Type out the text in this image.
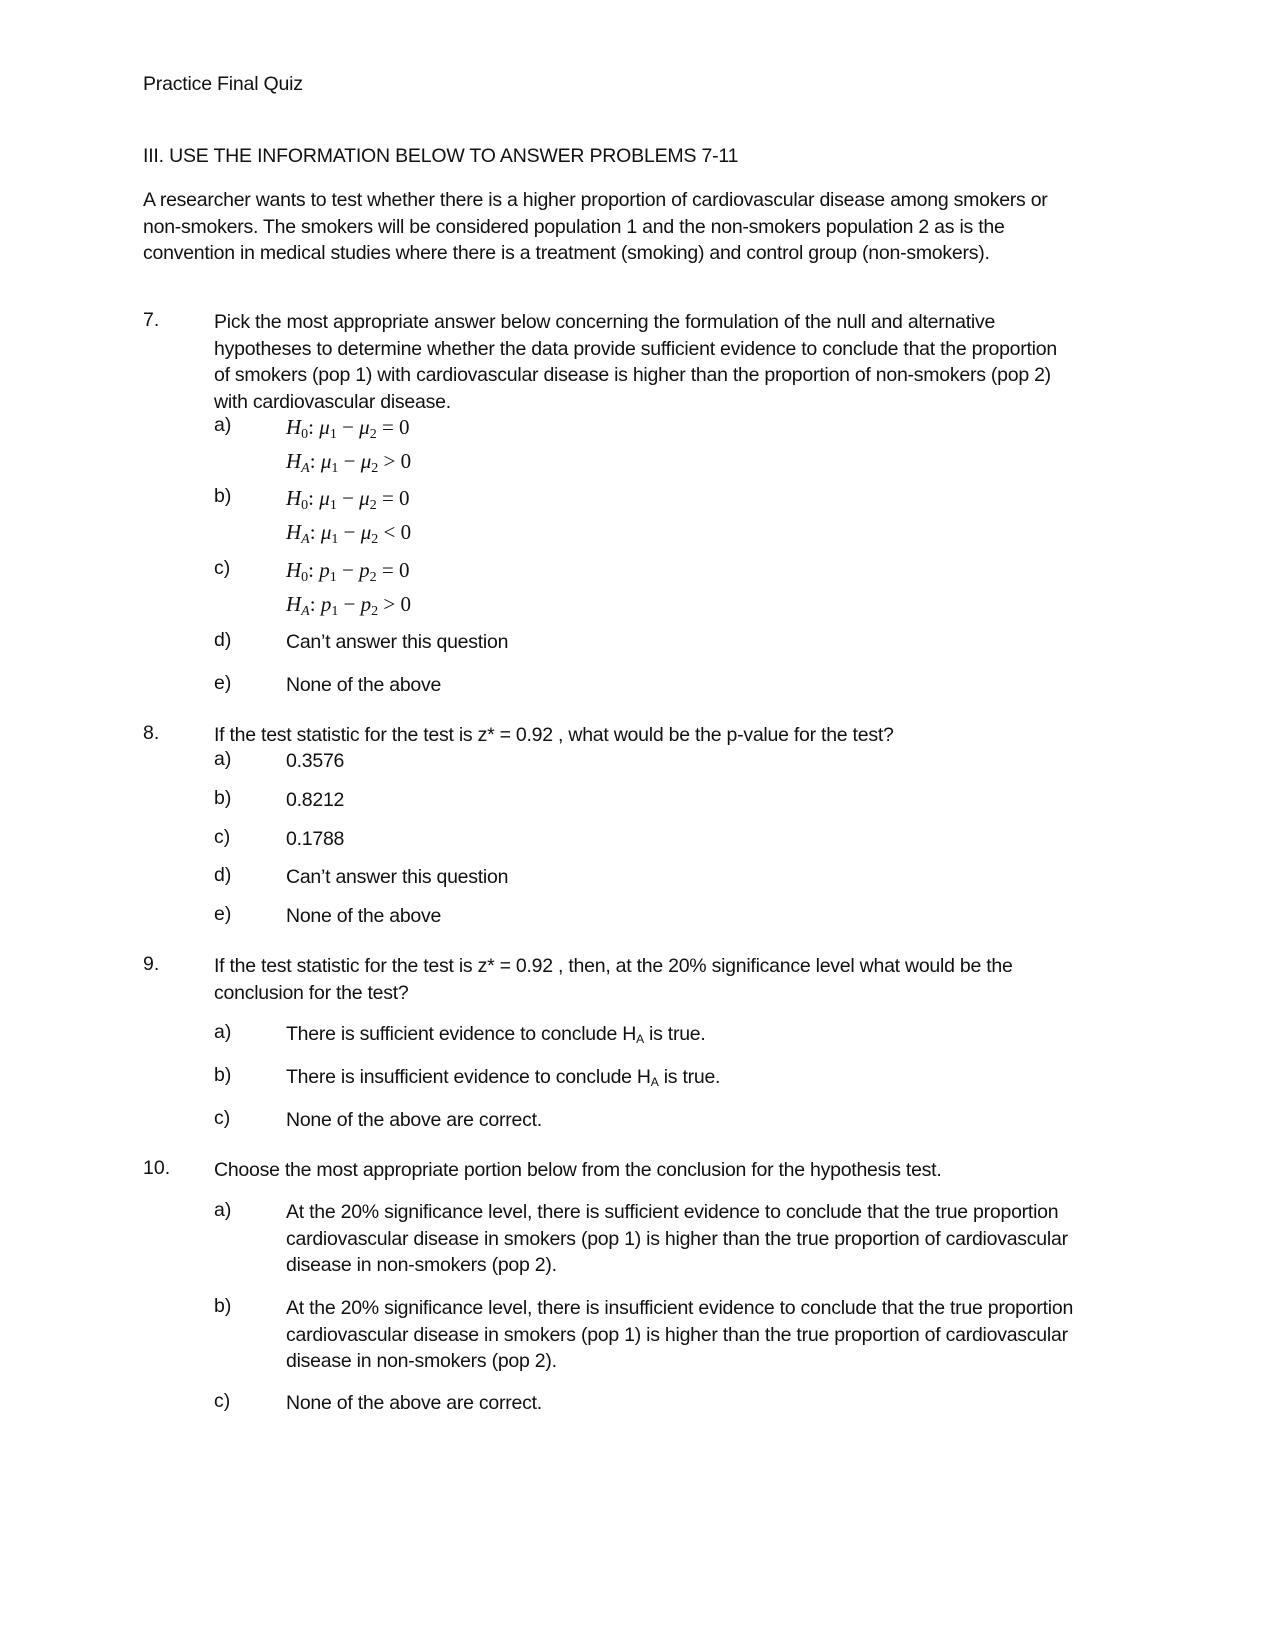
Practice Final Quiz
III. USE THE INFORMATION BELOW TO ANSWER PROBLEMS 7-11
A researcher wants to test whether there is a higher proportion of cardiovascular disease among smokers or non-smokers. The smokers will be considered population 1 and the non-smokers population 2 as is the convention in medical studies where there is a treatment (smoking) and control group (non-smokers).
7.	Pick the most appropriate answer below concerning the formulation of the null and alternative hypotheses to determine whether the data provide sufficient evidence to conclude that the proportion of smokers (pop 1) with cardiovascular disease is higher than the proportion of non-smokers (pop 2) with cardiovascular disease.
a)	$H_0$: $\mu_1 - \mu_2 = 0$
$H_A$: $\mu_1 - \mu_2 > 0$
b)	$H_0$: $\mu_1 - \mu_2 = 0$
$H_A$: $\mu_1 - \mu_2 < 0$
c)	$H_0$: $p_1 - p_2 = 0$
$H_A$: $p_1 - p_2 > 0$
d)	Can’t answer this question
e)	None of the above
8.	If the test statistic for the test is z* = 0.92 , what would be the p-value for the test?
a)	0.3576
b)	0.8212
c)	0.1788
d)	Can’t answer this question
e)	None of the above
9.	If the test statistic for the test is z* = 0.92 , then, at the 20% significance level what would be the conclusion for the test?
a)	There is sufficient evidence to conclude HA is true.
b)	There is insufficient evidence to conclude HA is true.
c)	None of the above are correct.
10. Choose the most appropriate portion below from the conclusion for the hypothesis test.
a)	At the 20% significance level, there is sufficient evidence to conclude that the true proportion cardiovascular disease in smokers (pop 1) is higher than the true proportion of cardiovascular disease in non-smokers (pop 2).
b)	At the 20% significance level, there is insufficient evidence to conclude that the true proportion cardiovascular disease in smokers (pop 1) is higher than the true proportion of cardiovascular disease in non-smokers (pop 2).
c)	None of the above are correct.
